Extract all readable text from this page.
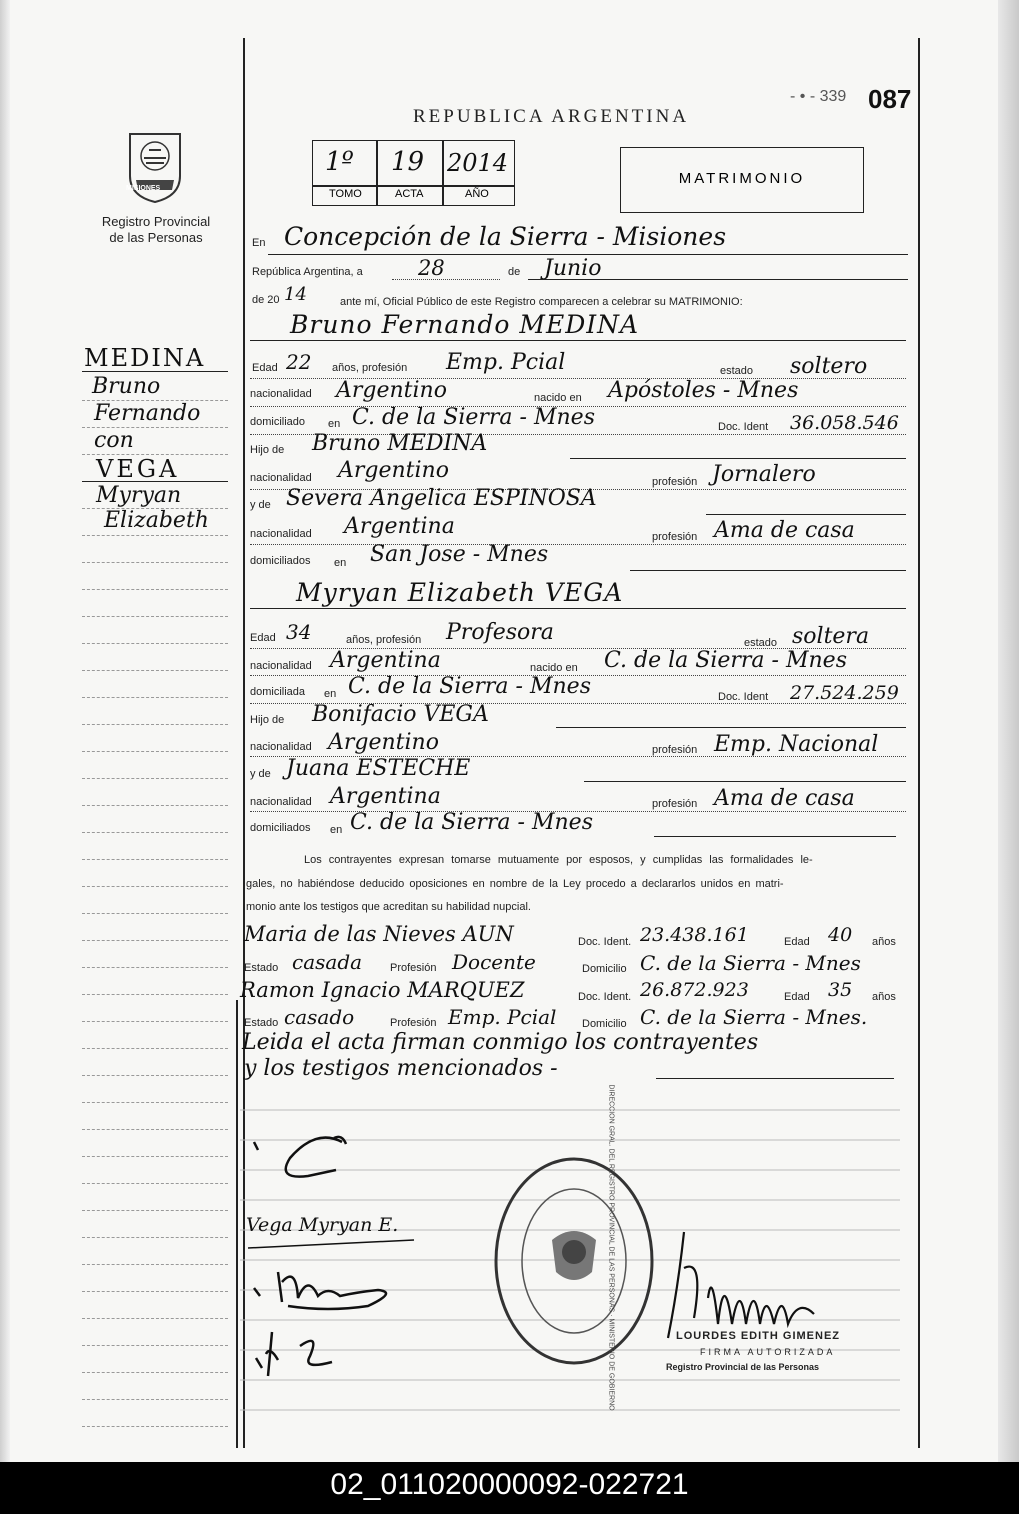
REPUBLICA ARGENTINA
- • - 339 087
MISIONES
Registro Provincial de las Personas
1º 19 2014
TOMO	ACTA	AÑO
MATRIMONIO
MEDINA
Bruno
Fernando
con
VEGA
Myryan
Elizabeth
En Concepción de la Sierra - Misiones
República Argentina, a	28	de Junio
de 20 14	ante mí, Oficial Público de este Registro comparecen a celebrar su MATRIMONIO:
Bruno Fernando MEDINA
Edad 22 años, profesión Emp. Pcial	estado soltero
nacionalidad Argentino	nacido en Apóstoles - Mnes
domiciliado en C. de la Sierra - Mnes	Doc. Ident 36.058.546
Hijo de Bruno MEDINA
nacionalidad Argentino	profesión Jornalero
y de Severa Angelica ESPINOSA
nacionalidad Argentina	profesión Ama de casa
domiciliados en San Jose - Mnes
Myryan Elizabeth VEGA
Edad 34	años, profesión Profesora	estado soltera
nacionalidad Argentina	nacido en C. de la Sierra - Mnes
domiciliada en C. de la Sierra - Mnes	Doc. Ident 27.524.259
Hijo de Bonifacio VEGA
nacionalidad Argentino	profesión Emp. Nacional
y de Juana ESTECHE
nacionalidad Argentina	profesión Ama de casa
domiciliados en C. de la Sierra - Mnes
Los contrayentes expresan tomarse mutuamente por esposos, y cumplidas las formalidades le-
gales, no habiéndose deducido oposiciones en nombre de la Ley procedo a declararlos unidos en matri-
monio ante los testigos que acreditan su habilidad nupcial.
Maria de las Nieves AUN	Doc. Ident. 23.438.161	Edad 40 años
Estado casada	Profesión Docente	Domicilio C. de la Sierra - Mnes
Ramon Ignacio MARQUEZ	Doc. Ident. 26.872.923	Edad 35 años
Estado casado	Profesión Emp. Pcial Domicilio C. de la Sierra - Mnes.
Leida el acta firman conmigo los contrayentes
y los testigos mencionados -
Vega Myryan E.	DIRECCION GRAL. DEL REGISTRO PROVINCIAL DE LAS PERSONAS · MINISTERIO DE GOBIERNO	LOURDES EDITH GIMENEZ
FIRMA AUTORIZADA
Registro Provincial de las Personas
02_011020000092-022721
